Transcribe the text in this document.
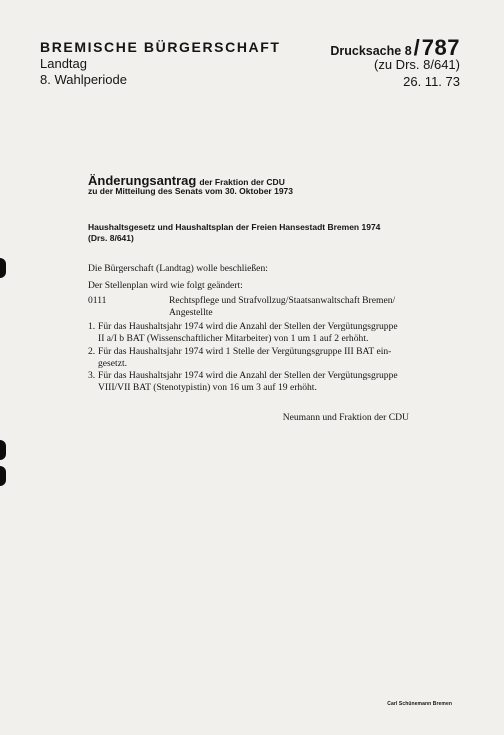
BREMISCHE BÜRGERSCHAFT
Landtag
8. Wahlperiode
Drucksache 8/787
(zu Drs. 8/641)
26. 11. 73
Änderungsantrag der Fraktion der CDU
zu der Mitteilung des Senats vom 30. Oktober 1973
Haushaltsgesetz und Haushaltsplan der Freien Hansestadt Bremen 1974
(Drs. 8/641)
Die Bürgerschaft (Landtag) wolle beschließen:
Der Stellenplan wird wie folgt geändert:
0111	Rechtspflege und Strafvollzug/Staatsanwaltschaft Bremen/
Angestellte
1. Für das Haushaltsjahr 1974 wird die Anzahl der Stellen der Vergütungsgruppe
II a/I b BAT (Wissenschaftlicher Mitarbeiter) von 1 um 1 auf 2 erhöht.
2. Für das Haushaltsjahr 1974 wird 1 Stelle der Vergütungsgruppe III BAT ein-
gesetzt.
3. Für das Haushaltsjahr 1974 wird die Anzahl der Stellen der Vergütungsgruppe
VIII/VII BAT (Stenotypistin) von 16 um 3 auf 19 erhöht.
Neumann und Fraktion der CDU
Carl Schünemann Bremen
